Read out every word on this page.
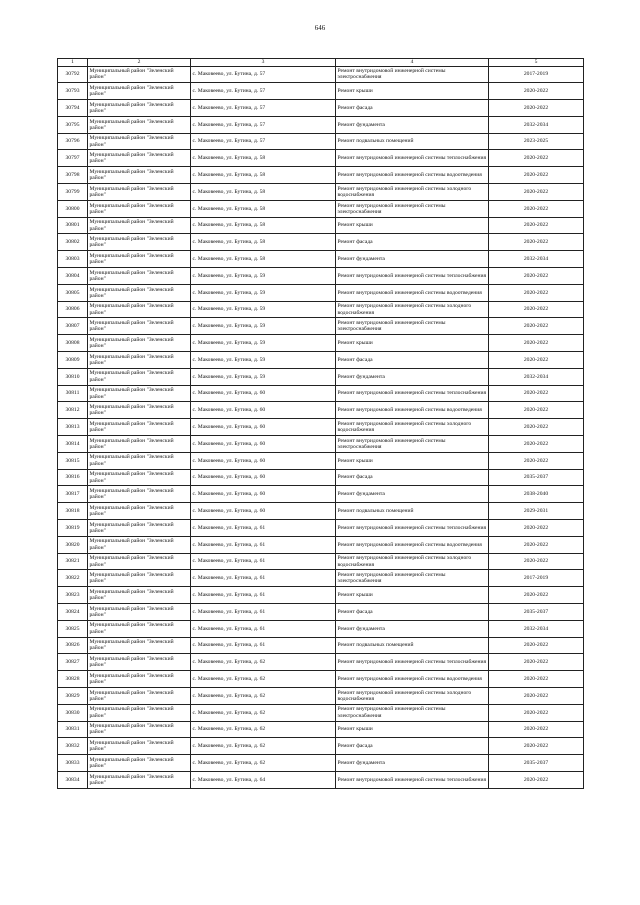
646
1	2	3	4	5
30792	Муниципальный район "Зеленский район"	с. Маковеево, ул. Бутина, д. 57	Ремонт внутридомовой инженерной системы электроснабжения	2017-2019
30793	Муниципальный район "Зеленский район"	с. Маковеево, ул. Бутина, д. 57	Ремонт крыши	2020-2022
30794	Муниципальный район "Зеленский район"	с. Маковеево, ул. Бутина, д. 57	Ремонт фасада	2020-2022
30795	Муниципальный район "Зеленский район"	с. Маковеево, ул. Бутина, д. 57	Ремонт фундамента	2032-2034
30796	Муниципальный район "Зеленский район"	с. Маковеево, ул. Бутина, д. 57	Ремонт подвальных помещений	2023-2025
30797	Муниципальный район "Зеленский район"	с. Маковеево, ул. Бутина, д. 58	Ремонт внутридомовой инженерной системы теплоснабжения	2020-2022
30798	Муниципальный район "Зеленский район"	с. Маковеево, ул. Бутина, д. 58	Ремонт внутридомовой инженерной системы водоотведения	2020-2022
30799	Муниципальный район "Зеленский район"	с. Маковеево, ул. Бутина, д. 58	Ремонт внутридомовой инженерной системы холодного водоснабжения	2020-2022
30800	Муниципальный район "Зеленский район"	с. Маковеево, ул. Бутина, д. 58	Ремонт внутридомовой инженерной системы электроснабжения	2020-2022
30801	Муниципальный район "Зеленский район"	с. Маковеево, ул. Бутина, д. 58	Ремонт крыши	2020-2022
30802	Муниципальный район "Зеленский район"	с. Маковеево, ул. Бутина, д. 58	Ремонт фасада	2020-2022
30803	Муниципальный район "Зеленский район"	с. Маковеево, ул. Бутина, д. 58	Ремонт фундамента	2032-2034
30804	Муниципальный район "Зеленский район"	с. Маковеево, ул. Бутина, д. 59	Ремонт внутридомовой инженерной системы теплоснабжения	2020-2022
30805	Муниципальный район "Зеленский район"	с. Маковеево, ул. Бутина, д. 59	Ремонт внутридомовой инженерной системы водоотведения	2020-2022
30806	Муниципальный район "Зеленский район"	с. Маковеево, ул. Бутина, д. 59	Ремонт внутридомовой инженерной системы холодного водоснабжения	2020-2022
30807	Муниципальный район "Зеленский район"	с. Маковеево, ул. Бутина, д. 59	Ремонт внутридомовой инженерной системы электроснабжения	2020-2022
30808	Муниципальный район "Зеленский район"	с. Маковеево, ул. Бутина, д. 59	Ремонт крыши	2020-2022
30809	Муниципальный район "Зеленский район"	с. Маковеево, ул. Бутина, д. 59	Ремонт фасада	2020-2022
30810	Муниципальный район "Зеленский район"	с. Маковеево, ул. Бутина, д. 59	Ремонт фундамента	2032-2034
30811	Муниципальный район "Зеленский район"	с. Маковеево, ул. Бутина, д. 60	Ремонт внутридомовой инженерной системы теплоснабжения	2020-2022
30812	Муниципальный район "Зеленский район"	с. Маковеево, ул. Бутина, д. 60	Ремонт внутридомовой инженерной системы водоотведения	2020-2022
30813	Муниципальный район "Зеленский район"	с. Маковеево, ул. Бутина, д. 60	Ремонт внутридомовой инженерной системы холодного водоснабжения	2020-2022
30814	Муниципальный район "Зеленский район"	с. Маковеево, ул. Бутина, д. 60	Ремонт внутридомовой инженерной системы электроснабжения	2020-2022
30815	Муниципальный район "Зеленский район"	с. Маковеево, ул. Бутина, д. 60	Ремонт крыши	2020-2022
30816	Муниципальный район "Зеленский район"	с. Маковеево, ул. Бутина, д. 60	Ремонт фасада	2035-2037
30817	Муниципальный район "Зеленский район"	с. Маковеево, ул. Бутина, д. 60	Ремонт фундамента	2038-2040
30818	Муниципальный район "Зеленский район"	с. Маковеево, ул. Бутина, д. 60	Ремонт подвальных помещений	2029-2031
30819	Муниципальный район "Зеленский район"	с. Маковеево, ул. Бутина, д. 61	Ремонт внутридомовой инженерной системы теплоснабжения	2020-2022
30820	Муниципальный район "Зеленский район"	с. Маковеево, ул. Бутина, д. 61	Ремонт внутридомовой инженерной системы водоотведения	2020-2022
30821	Муниципальный район "Зеленский район"	с. Маковеево, ул. Бутина, д. 61	Ремонт внутридомовой инженерной системы холодного водоснабжения	2020-2022
30822	Муниципальный район "Зеленский район"	с. Маковеево, ул. Бутина, д. 61	Ремонт внутридомовой инженерной системы электроснабжения	2017-2019
30823	Муниципальный район "Зеленский район"	с. Маковеево, ул. Бутина, д. 61	Ремонт крыши	2020-2022
30824	Муниципальный район "Зеленский район"	с. Маковеево, ул. Бутина, д. 61	Ремонт фасада	2035-2037
30825	Муниципальный район "Зеленский район"	с. Маковеево, ул. Бутина, д. 61	Ремонт фундамента	2032-2034
30826	Муниципальный район "Зеленский район"	с. Маковеево, ул. Бутина, д. 61	Ремонт подвальных помещений	2020-2022
30827	Муниципальный район "Зеленский район"	с. Маковеево, ул. Бутина, д. 62	Ремонт внутридомовой инженерной системы теплоснабжения	2020-2022
30828	Муниципальный район "Зеленский район"	с. Маковеево, ул. Бутина, д. 62	Ремонт внутридомовой инженерной системы водоотведения	2020-2022
30829	Муниципальный район "Зеленский район"	с. Маковеево, ул. Бутина, д. 62	Ремонт внутридомовой инженерной системы холодного водоснабжения	2020-2022
30830	Муниципальный район "Зеленский район"	с. Маковеево, ул. Бутина, д. 62	Ремонт внутридомовой инженерной системы электроснабжения	2020-2022
30831	Муниципальный район "Зеленский район"	с. Маковеево, ул. Бутина, д. 62	Ремонт крыши	2020-2022
30832	Муниципальный район "Зеленский район"	с. Маковеево, ул. Бутина, д. 62	Ремонт фасада	2020-2022
30833	Муниципальный район "Зеленский район"	с. Маковеево, ул. Бутина, д. 62	Ремонт фундамента	2035-2037
30834	Муниципальный район "Зеленский район"	с. Маковеево, ул. Бутина, д. 64	Ремонт внутридомовой инженерной системы теплоснабжения	2020-2022
